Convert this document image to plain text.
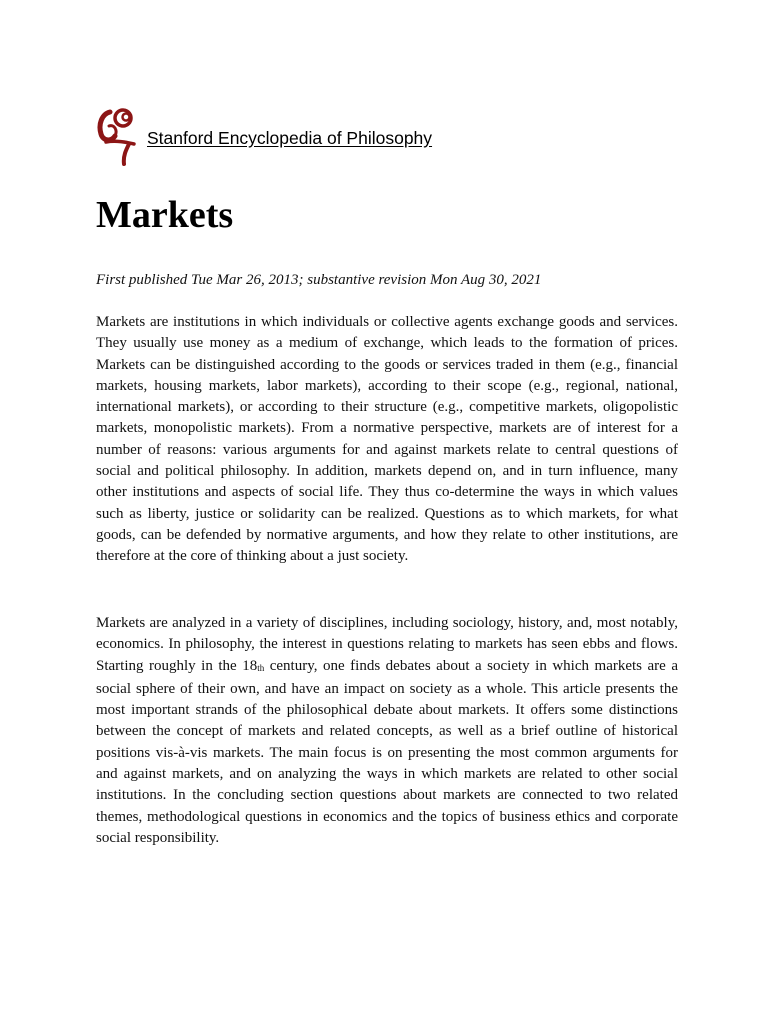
Stanford Encyclopedia of Philosophy
Markets

First published Tue Mar 26, 2013; substantive revision Mon Aug 30, 2021

Markets are institutions in which individuals or collective agents exchange goods and services. They usually use money as a medium of exchange, which leads to the formation of prices. Markets can be distinguished according to the goods or services traded in them (e.g., financial markets, housing markets, labor markets), according to their scope (e.g., regional, national, international markets), or according to their structure (e.g., competitive markets, oligopolistic markets, monopolistic markets). From a normative perspective, markets are of interest for a number of reasons: various arguments for and against markets relate to central questions of social and political philosophy. In addition, markets depend on, and in turn influence, many other institutions and aspects of social life. They thus co-determine the ways in which values such as liberty, justice or solidarity can be realized. Questions as to which markets, for what goods, can be defended by normative arguments, and how they relate to other institutions, are therefore at the core of thinking about a just society.

Markets are analyzed in a variety of disciplines, including sociology, history, and, most notably, economics. In philosophy, the interest in questions relating to markets has seen ebbs and flows. Starting roughly in the 18th century, one finds debates about a society in which markets are a social sphere of their own, and have an impact on society as a whole. This article presents the most important strands of the philosophical debate about markets. It offers some distinctions between the concept of markets and related concepts, as well as a brief outline of historical positions vis-à-vis markets. The main focus is on presenting the most common arguments for and against markets, and on analyzing the ways in which markets are related to other social institutions. In the concluding section questions about markets are connected to two related themes, methodological questions in economics and the topics of business ethics and corporate social responsibility.
